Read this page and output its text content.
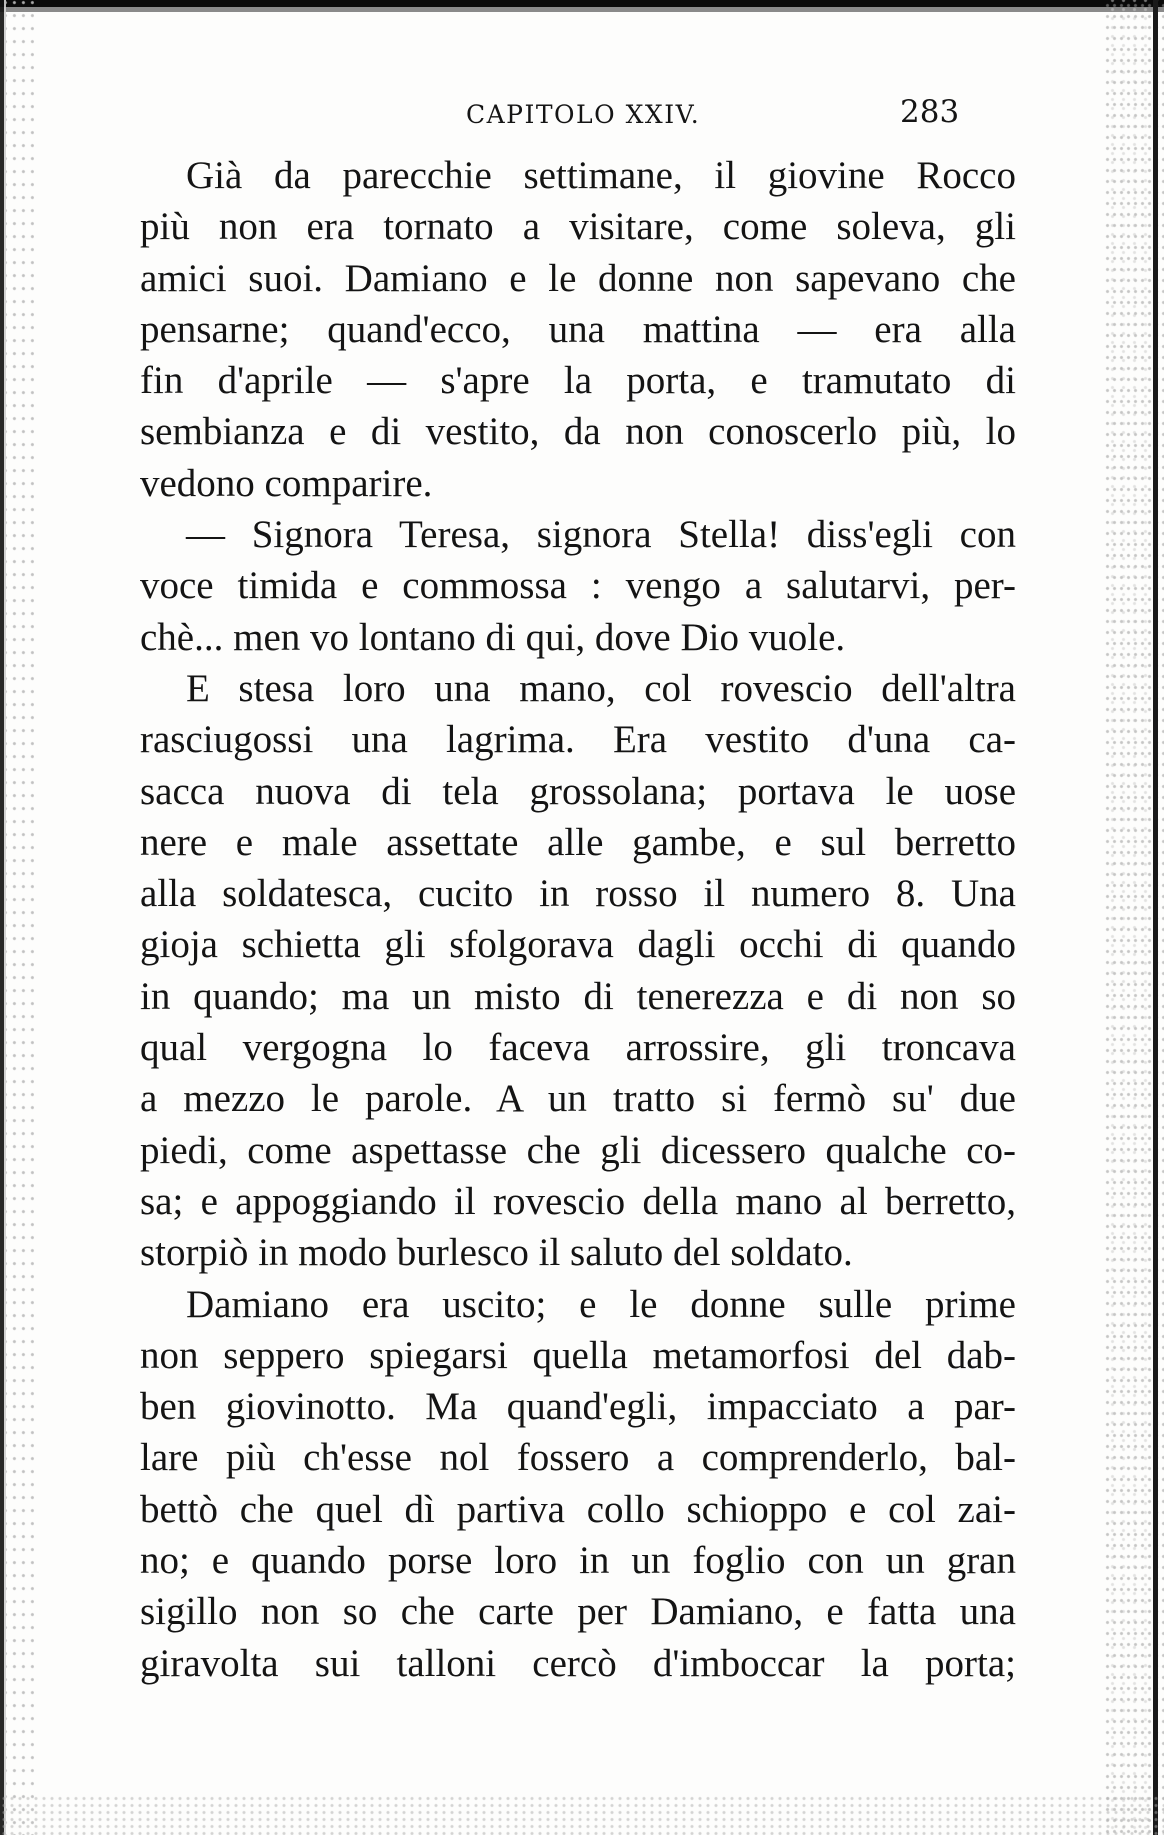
CAPITOLO XXIV.	283
Già da parecchie settimane, il giovine Rocco
più non era tornato a visitare, come soleva, gli
amici suoi. Damiano e le donne non sapevano che
pensarne; quand'ecco, una mattina — era alla
fin d'aprile — s'apre la porta, e tramutato di
sembianza e di vestito, da non conoscerlo più, lo
vedono comparire.
— Signora Teresa, signora Stella! diss'egli con
voce timida e commossa : vengo a salutarvi, per-
chè... men vo lontano di qui, dove Dio vuole.
E stesa loro una mano, col rovescio dell'altra
rasciugossi una lagrima. Era vestito d'una ca-
sacca nuova di tela grossolana; portava le uose
nere e male assettate alle gambe, e sul berretto
alla soldatesca, cucito in rosso il numero 8. Una
gioja schietta gli sfolgorava dagli occhi di quando
in quando; ma un misto di tenerezza e di non so
qual vergogna lo faceva arrossire, gli troncava
a mezzo le parole. A un tratto si fermò su' due
piedi, come aspettasse che gli dicessero qualche co-
sa; e appoggiando il rovescio della mano al berretto,
storpiò in modo burlesco il saluto del soldato.
Damiano era uscito; e le donne sulle prime
non seppero spiegarsi quella metamorfosi del dab-
ben giovinotto. Ma quand'egli, impacciato a par-
lare più ch'esse nol fossero a comprenderlo, bal-
bettò che quel dì partiva collo schioppo e col zai-
no; e quando porse loro in un foglio con un gran
sigillo non so che carte per Damiano, e fatta una
giravolta sui talloni cercò d'imboccar la porta;
